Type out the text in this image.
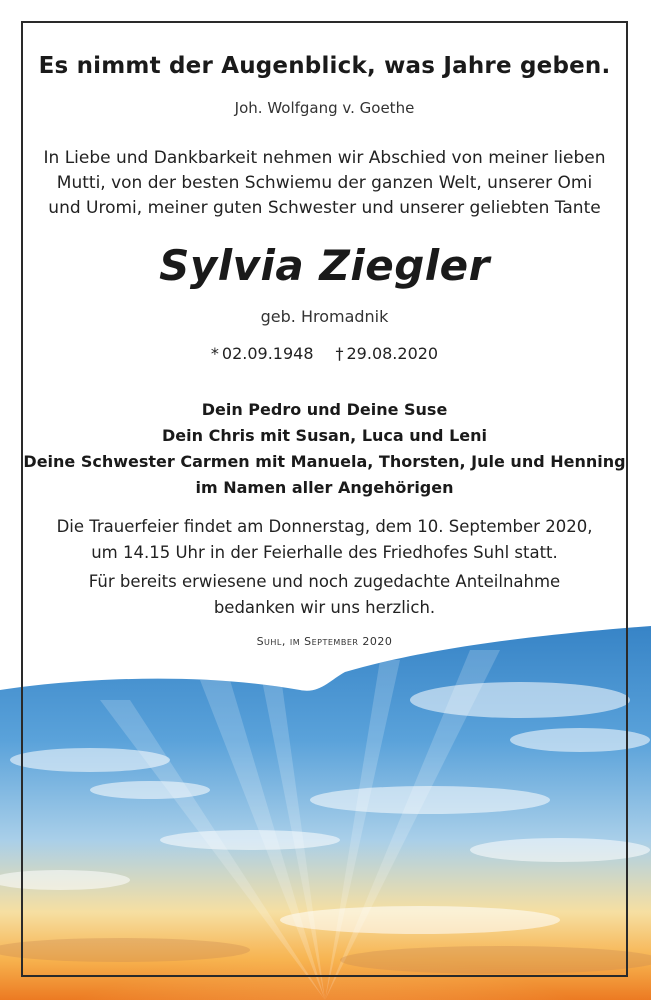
Es nimmt der Augenblick, was Jahre geben.
Joh. Wolfgang v. Goethe
In Liebe und Dankbarkeit nehmen wir Abschied von meiner lieben
Mutti, von der besten Schwiemu der ganzen Welt, unserer Omi
und Uromi, meiner guten Schwester und unserer geliebten Tante
Sylvia Ziegler
geb. Hromadnik
* 02.09.1948 † 29.08.2020
Dein Pedro und Deine Suse
Dein Chris mit Susan, Luca und Leni
Deine Schwester Carmen mit Manuela, Thorsten, Jule und Henning
im Namen aller Angehörigen
Die Trauerfeier findet am Donnerstag, dem 10. September 2020,
um 14.15 Uhr in der Feierhalle des Friedhofes Suhl statt.
Für bereits erwiesene und noch zugedachte Anteilnahme
bedanken wir uns herzlich.
Suhl, im September 2020
